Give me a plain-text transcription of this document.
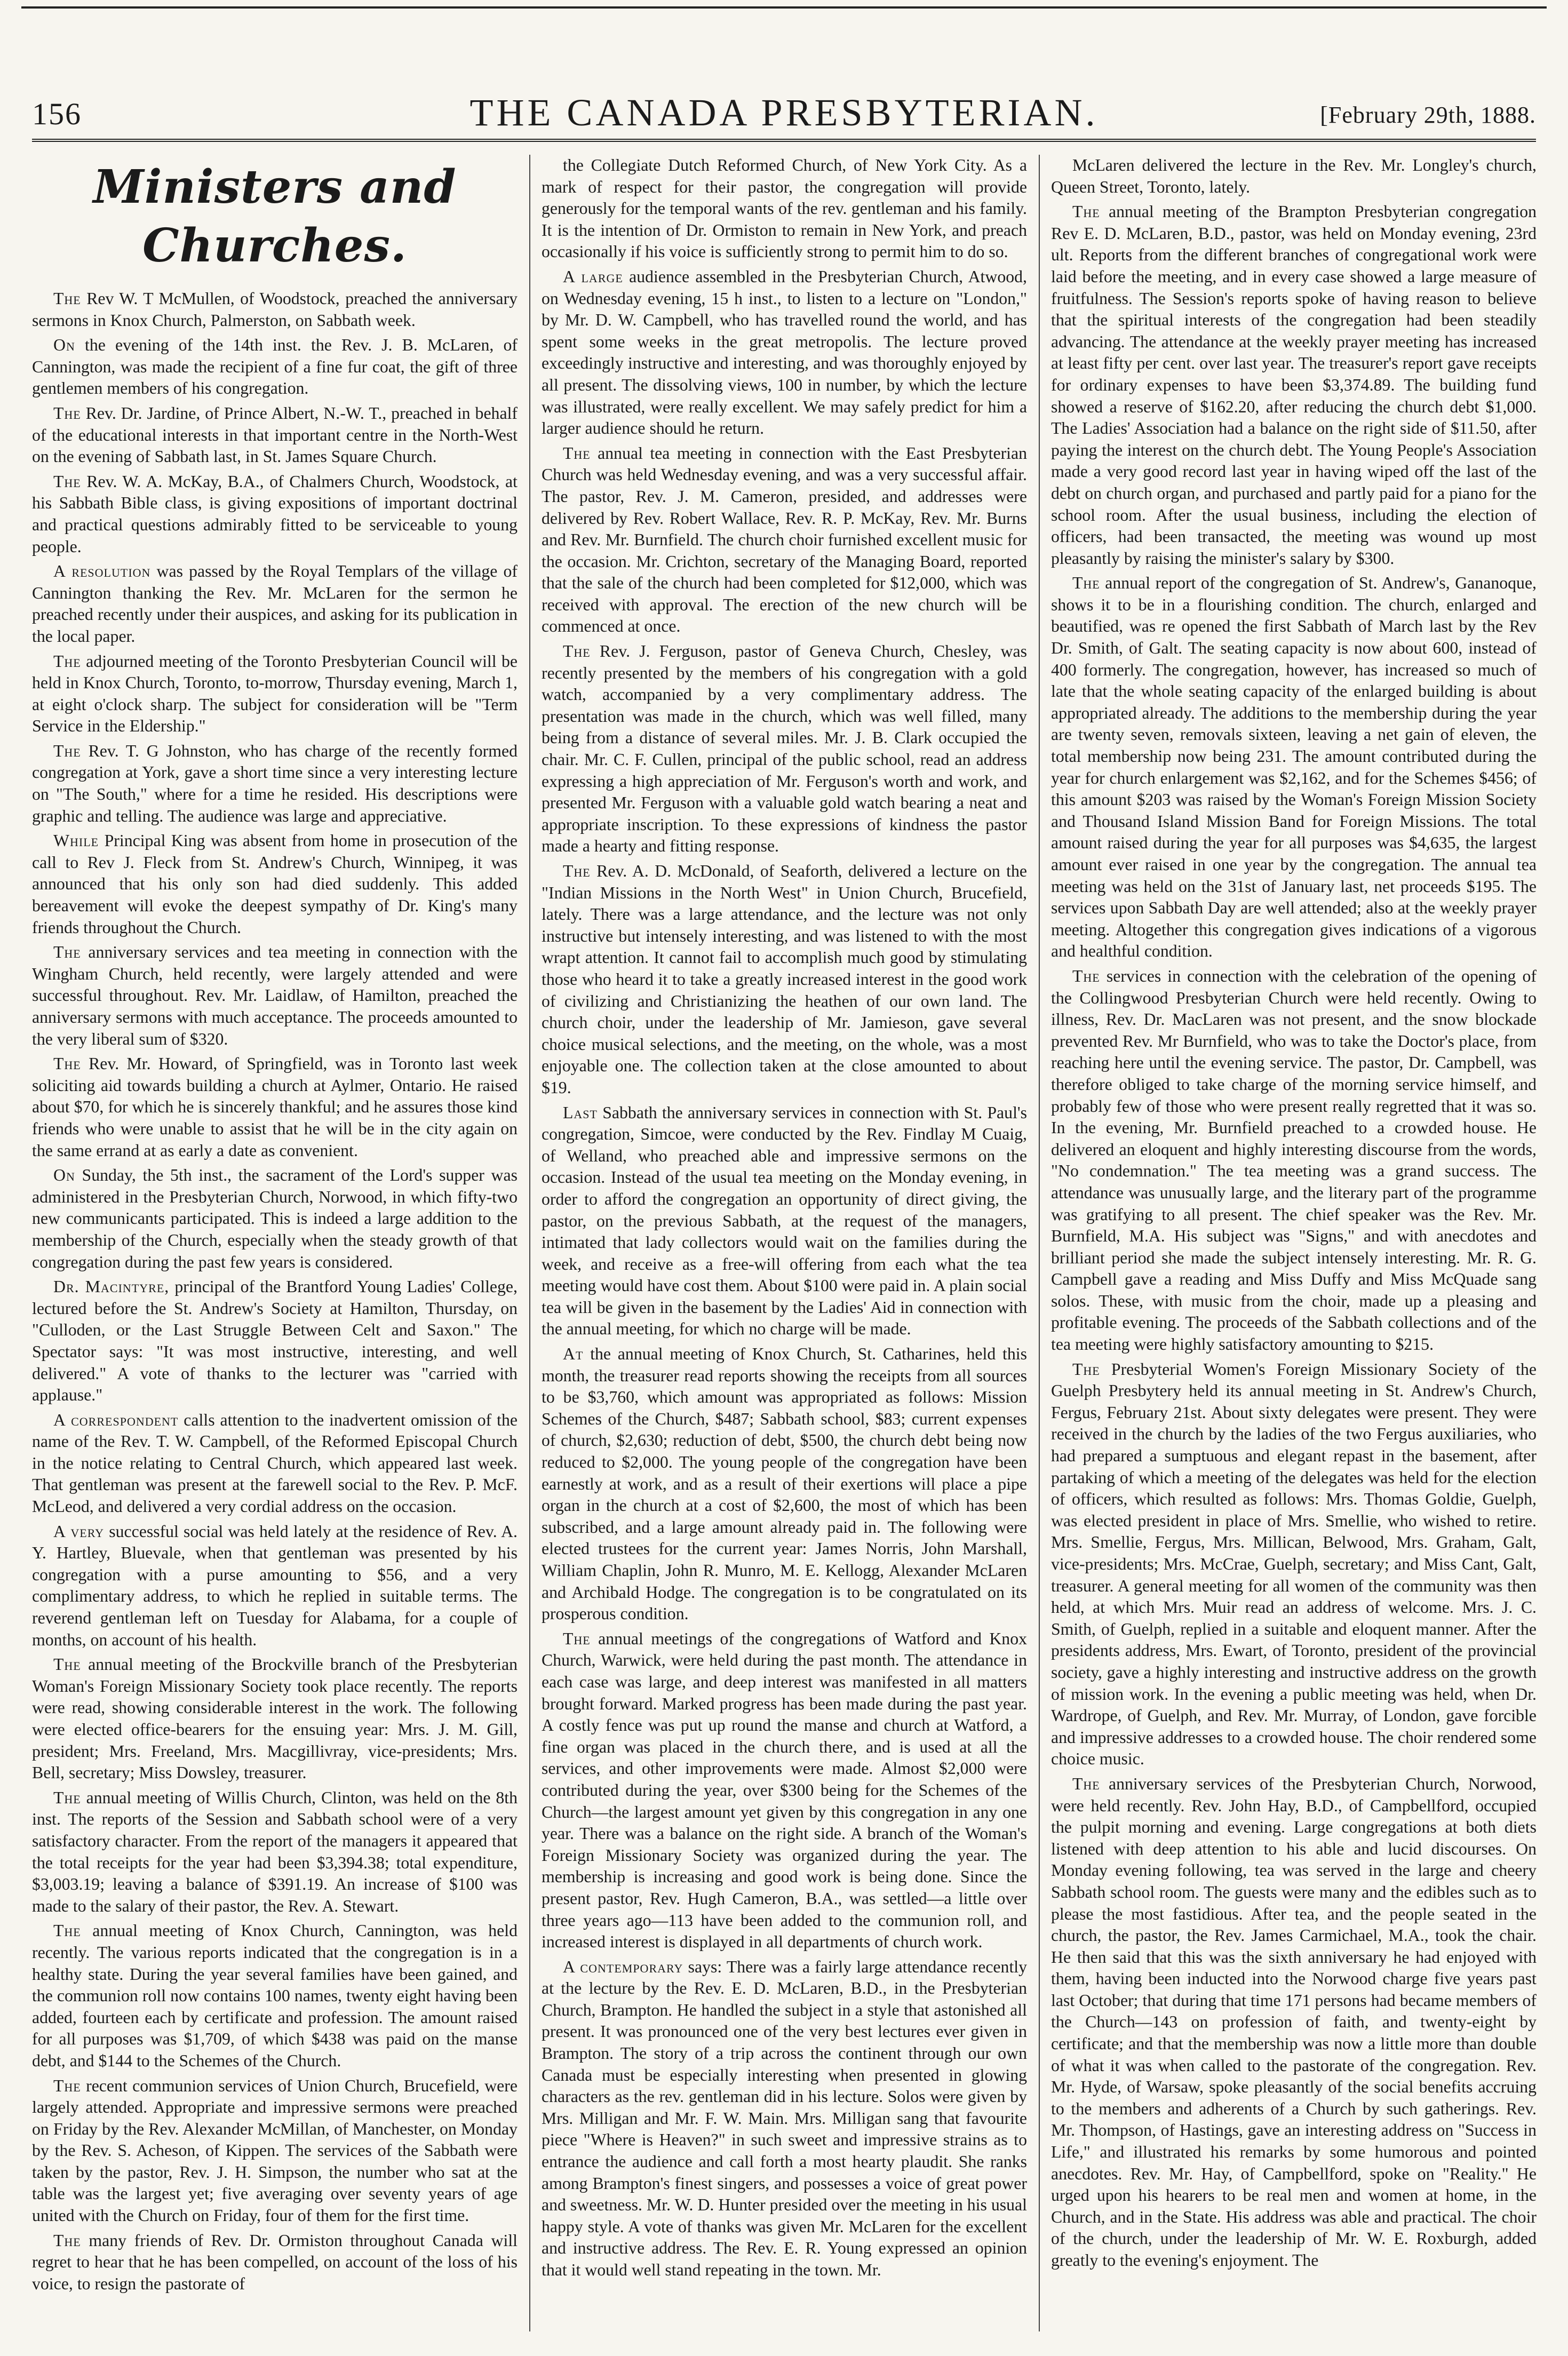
156	THE CANADA PRESBYTERIAN.	[February 29th, 1888.
Ministers and Churches.

The Rev W. T McMullen, of Woodstock, preached the anniversary sermons in Knox Church, Palmerston, on Sabbath week.

On the evening of the 14th inst. the Rev. J. B. McLaren, of Cannington, was made the recipient of a fine fur coat, the gift of three gentlemen members of his congregation.

The Rev. Dr. Jardine, of Prince Albert, N.-W. T., preached in behalf of the educational interests in that important centre in the North-West on the evening of Sabbath last, in St. James Square Church.

The Rev. W. A. McKay, B.A., of Chalmers Church, Woodstock, at his Sabbath Bible class, is giving expositions of important doctrinal and practical questions admirably fitted to be serviceable to young people.

A resolution was passed by the Royal Templars of the village of Cannington thanking the Rev. Mr. McLaren for the sermon he preached recently under their auspices, and asking for its publication in the local paper.

The adjourned meeting of the Toronto Presbyterian Council will be held in Knox Church, Toronto, to-morrow, Thursday evening, March 1, at eight o'clock sharp. The subject for consideration will be "Term Service in the Eldership."

The Rev. T. G Johnston, who has charge of the recently formed congregation at York, gave a short time since a very interesting lecture on "The South," where for a time he resided. His descriptions were graphic and telling. The audience was large and appreciative.

While Principal King was absent from home in prosecution of the call to Rev J. Fleck from St. Andrew's Church, Winnipeg, it was announced that his only son had died suddenly. This added bereavement will evoke the deepest sympathy of Dr. King's many friends throughout the Church.

The anniversary services and tea meeting in connection with the Wingham Church, held recently, were largely attended and were successful throughout. Rev. Mr. Laidlaw, of Hamilton, preached the anniversary sermons with much acceptance. The proceeds amounted to the very liberal sum of $320.

The Rev. Mr. Howard, of Springfield, was in Toronto last week soliciting aid towards building a church at Aylmer, Ontario. He raised about $70, for which he is sincerely thankful; and he assures those kind friends who were unable to assist that he will be in the city again on the same errand at as early a date as convenient.

On Sunday, the 5th inst., the sacrament of the Lord's supper was administered in the Presbyterian Church, Norwood, in which fifty-two new communicants participated. This is indeed a large addition to the membership of the Church, especially when the steady growth of that congregation during the past few years is considered.

Dr. Macintyre, principal of the Brantford Young Ladies' College, lectured before the St. Andrew's Society at Hamilton, Thursday, on "Culloden, or the Last Struggle Between Celt and Saxon." The Spectator says: "It was most instructive, interesting, and well delivered." A vote of thanks to the lecturer was "carried with applause."

A correspondent calls attention to the inadvertent omission of the name of the Rev. T. W. Campbell, of the Reformed Episcopal Church in the notice relating to Central Church, which appeared last week. That gentleman was present at the farewell social to the Rev. P. McF. McLeod, and delivered a very cordial address on the occasion.

A very successful social was held lately at the residence of Rev. A. Y. Hartley, Bluevale, when that gentleman was presented by his congregation with a purse amounting to $56, and a very complimentary address, to which he replied in suitable terms. The reverend gentleman left on Tuesday for Alabama, for a couple of months, on account of his health.

The annual meeting of the Brockville branch of the Presbyterian Woman's Foreign Missionary Society took place recently. The reports were read, showing considerable interest in the work. The following were elected office-bearers for the ensuing year: Mrs. J. M. Gill, president; Mrs. Freeland, Mrs. Macgillivray, vice-presidents; Mrs. Bell, secretary; Miss Dowsley, treasurer.

The annual meeting of Willis Church, Clinton, was held on the 8th inst. The reports of the Session and Sabbath school were of a very satisfactory character. From the report of the managers it appeared that the total receipts for the year had been $3,394.38; total expenditure, $3,003.19; leaving a balance of $391.19. An increase of $100 was made to the salary of their pastor, the Rev. A. Stewart.

The annual meeting of Knox Church, Cannington, was held recently. The various reports indicated that the congregation is in a healthy state. During the year several families have been gained, and the communion roll now contains 100 names, twenty eight having been added, fourteen each by certificate and profession. The amount raised for all purposes was $1,709, of which $438 was paid on the manse debt, and $144 to the Schemes of the Church.

The recent communion services of Union Church, Brucefield, were largely attended. Appropriate and impressive sermons were preached on Friday by the Rev. Alexander McMillan, of Manchester, on Monday by the Rev. S. Acheson, of Kippen. The services of the Sabbath were taken by the pastor, Rev. J. H. Simpson, the number who sat at the table was the largest yet; five averaging over seventy years of age united with the Church on Friday, four of them for the first time.

The many friends of Rev. Dr. Ormiston throughout Canada will regret to hear that he has been compelled, on account of the loss of his voice, to resign the pastorate of

the Collegiate Dutch Reformed Church, of New York City. As a mark of respect for their pastor, the congregation will provide generously for the temporal wants of the rev. gentleman and his family. It is the intention of Dr. Ormiston to remain in New York, and preach occasionally if his voice is sufficiently strong to permit him to do so.

A large audience assembled in the Presbyterian Church, Atwood, on Wednesday evening, 15 h inst., to listen to a lecture on "London," by Mr. D. W. Campbell, who has travelled round the world, and has spent some weeks in the great metropolis. The lecture proved exceedingly instructive and interesting, and was thoroughly enjoyed by all present. The dissolving views, 100 in number, by which the lecture was illustrated, were really excellent. We may safely predict for him a larger audience should he return.

The annual tea meeting in connection with the East Presbyterian Church was held Wednesday evening, and was a very successful affair. The pastor, Rev. J. M. Cameron, presided, and addresses were delivered by Rev. Robert Wallace, Rev. R. P. McKay, Rev. Mr. Burns and Rev. Mr. Burnfield. The church choir furnished excellent music for the occasion. Mr. Crichton, secretary of the Managing Board, reported that the sale of the church had been completed for $12,000, which was received with approval. The erection of the new church will be commenced at once.

The Rev. J. Ferguson, pastor of Geneva Church, Chesley, was recently presented by the members of his congregation with a gold watch, accompanied by a very complimentary address. The presentation was made in the church, which was well filled, many being from a distance of several miles. Mr. J. B. Clark occupied the chair. Mr. C. F. Cullen, principal of the public school, read an address expressing a high appreciation of Mr. Ferguson's worth and work, and presented Mr. Ferguson with a valuable gold watch bearing a neat and appropriate inscription. To these expressions of kindness the pastor made a hearty and fitting response.

The Rev. A. D. McDonald, of Seaforth, delivered a lecture on the "Indian Missions in the North West" in Union Church, Brucefield, lately. There was a large attendance, and the lecture was not only instructive but intensely interesting, and was listened to with the most wrapt attention. It cannot fail to accomplish much good by stimulating those who heard it to take a greatly increased interest in the good work of civilizing and Christianizing the heathen of our own land. The church choir, under the leadership of Mr. Jamieson, gave several choice musical selections, and the meeting, on the whole, was a most enjoyable one. The collection taken at the close amounted to about $19.

Last Sabbath the anniversary services in connection with St. Paul's congregation, Simcoe, were conducted by the Rev. Findlay M Cuaig, of Welland, who preached able and impressive sermons on the occasion. Instead of the usual tea meeting on the Monday evening, in order to afford the congregation an opportunity of direct giving, the pastor, on the previous Sabbath, at the request of the managers, intimated that lady collectors would wait on the families during the week, and receive as a free-will offering from each what the tea meeting would have cost them. About $100 were paid in. A plain social tea will be given in the basement by the Ladies' Aid in connection with the annual meeting, for which no charge will be made.

At the annual meeting of Knox Church, St. Catharines, held this month, the treasurer read reports showing the receipts from all sources to be $3,760, which amount was appropriated as follows: Mission Schemes of the Church, $487; Sabbath school, $83; current expenses of church, $2,630; reduction of debt, $500, the church debt being now reduced to $2,000. The young people of the congregation have been earnestly at work, and as a result of their exertions will place a pipe organ in the church at a cost of $2,600, the most of which has been subscribed, and a large amount already paid in. The following were elected trustees for the current year: James Norris, John Marshall, William Chaplin, John R. Munro, M. E. Kellogg, Alexander McLaren and Archibald Hodge. The congregation is to be congratulated on its prosperous condition.

The annual meetings of the congregations of Watford and Knox Church, Warwick, were held during the past month. The attendance in each case was large, and deep interest was manifested in all matters brought forward. Marked progress has been made during the past year. A costly fence was put up round the manse and church at Watford, a fine organ was placed in the church there, and is used at all the services, and other improvements were made. Almost $2,000 were contributed during the year, over $300 being for the Schemes of the Church—the largest amount yet given by this congregation in any one year. There was a balance on the right side. A branch of the Woman's Foreign Missionary Society was organized during the year. The membership is increasing and good work is being done. Since the present pastor, Rev. Hugh Cameron, B.A., was settled—a little over three years ago—113 have been added to the communion roll, and increased interest is displayed in all departments of church work.

A contemporary says: There was a fairly large attendance recently at the lecture by the Rev. E. D. McLaren, B.D., in the Presbyterian Church, Brampton. He handled the subject in a style that astonished all present. It was pronounced one of the very best lectures ever given in Brampton. The story of a trip across the continent through our own Canada must be especially interesting when presented in glowing characters as the rev. gentleman did in his lecture. Solos were given by Mrs. Milligan and Mr. F. W. Main. Mrs. Milligan sang that favourite piece "Where is Heaven?" in such sweet and impressive strains as to entrance the audience and call forth a most hearty plaudit. She ranks among Brampton's finest singers, and possesses a voice of great power and sweetness. Mr. W. D. Hunter presided over the meeting in his usual happy style. A vote of thanks was given Mr. McLaren for the excellent and instructive address. The Rev. E. R. Young expressed an opinion that it would well stand repeating in the town. Mr.

McLaren delivered the lecture in the Rev. Mr. Longley's church, Queen Street, Toronto, lately.

The annual meeting of the Brampton Presbyterian congregation Rev E. D. McLaren, B.D., pastor, was held on Monday evening, 23rd ult. Reports from the different branches of congregational work were laid before the meeting, and in every case showed a large measure of fruitfulness. The Session's reports spoke of having reason to believe that the spiritual interests of the congregation had been steadily advancing. The attendance at the weekly prayer meeting has increased at least fifty per cent. over last year. The treasurer's report gave receipts for ordinary expenses to have been $3,374.89. The building fund showed a reserve of $162.20, after reducing the church debt $1,000. The Ladies' Association had a balance on the right side of $11.50, after paying the interest on the church debt. The Young People's Association made a very good record last year in having wiped off the last of the debt on church organ, and purchased and partly paid for a piano for the school room. After the usual business, including the election of officers, had been transacted, the meeting was wound up most pleasantly by raising the minister's salary by $300.

The annual report of the congregation of St. Andrew's, Gananoque, shows it to be in a flourishing condition. The church, enlarged and beautified, was re opened the first Sabbath of March last by the Rev Dr. Smith, of Galt. The seating capacity is now about 600, instead of 400 formerly. The congregation, however, has increased so much of late that the whole seating capacity of the enlarged building is about appropriated already. The additions to the membership during the year are twenty seven, removals sixteen, leaving a net gain of eleven, the total membership now being 231. The amount contributed during the year for church enlargement was $2,162, and for the Schemes $456; of this amount $203 was raised by the Woman's Foreign Mission Society and Thousand Island Mission Band for Foreign Missions. The total amount raised during the year for all purposes was $4,635, the largest amount ever raised in one year by the congregation. The annual tea meeting was held on the 31st of January last, net proceeds $195. The services upon Sabbath Day are well attended; also at the weekly prayer meeting. Altogether this congregation gives indications of a vigorous and healthful condition.

The services in connection with the celebration of the opening of the Collingwood Presbyterian Church were held recently. Owing to illness, Rev. Dr. MacLaren was not present, and the snow blockade prevented Rev. Mr Burnfield, who was to take the Doctor's place, from reaching here until the evening service. The pastor, Dr. Campbell, was therefore obliged to take charge of the morning service himself, and probably few of those who were present really regretted that it was so. In the evening, Mr. Burnfield preached to a crowded house. He delivered an eloquent and highly interesting discourse from the words, "No condemnation." The tea meeting was a grand success. The attendance was unusually large, and the literary part of the programme was gratifying to all present. The chief speaker was the Rev. Mr. Burnfield, M.A. His subject was "Signs," and with anecdotes and brilliant period she made the subject intensely interesting. Mr. R. G. Campbell gave a reading and Miss Duffy and Miss McQuade sang solos. These, with music from the choir, made up a pleasing and profitable evening. The proceeds of the Sabbath collections and of the tea meeting were highly satisfactory amounting to $215.

The Presbyterial Women's Foreign Missionary Society of the Guelph Presbytery held its annual meeting in St. Andrew's Church, Fergus, February 21st. About sixty delegates were present. They were received in the church by the ladies of the two Fergus auxiliaries, who had prepared a sumptuous and elegant repast in the basement, after partaking of which a meeting of the delegates was held for the election of officers, which resulted as follows: Mrs. Thomas Goldie, Guelph, was elected president in place of Mrs. Smellie, who wished to retire. Mrs. Smellie, Fergus, Mrs. Millican, Belwood, Mrs. Graham, Galt, vice-presidents; Mrs. McCrae, Guelph, secretary; and Miss Cant, Galt, treasurer. A general meeting for all women of the community was then held, at which Mrs. Muir read an address of welcome. Mrs. J. C. Smith, of Guelph, replied in a suitable and eloquent manner. After the presidents address, Mrs. Ewart, of Toronto, president of the provincial society, gave a highly interesting and instructive address on the growth of mission work. In the evening a public meeting was held, when Dr. Wardrope, of Guelph, and Rev. Mr. Murray, of London, gave forcible and impressive addresses to a crowded house. The choir rendered some choice music.

The anniversary services of the Presbyterian Church, Norwood, were held recently. Rev. John Hay, B.D., of Campbellford, occupied the pulpit morning and evening. Large congregations at both diets listened with deep attention to his able and lucid discourses. On Monday evening following, tea was served in the large and cheery Sabbath school room. The guests were many and the edibles such as to please the most fastidious. After tea, and the people seated in the church, the pastor, the Rev. James Carmichael, M.A., took the chair. He then said that this was the sixth anniversary he had enjoyed with them, having been inducted into the Norwood charge five years past last October; that during that time 171 persons had became members of the Church—143 on profession of faith, and twenty-eight by certificate; and that the membership was now a little more than double of what it was when called to the pastorate of the congregation. Rev. Mr. Hyde, of Warsaw, spoke pleasantly of the social benefits accruing to the members and adherents of a Church by such gatherings. Rev. Mr. Thompson, of Hastings, gave an interesting address on "Success in Life," and illustrated his remarks by some humorous and pointed anecdotes. Rev. Mr. Hay, of Campbellford, spoke on "Reality." He urged upon his hearers to be real men and women at home, in the Church, and in the State. His address was able and practical. The choir of the church, under the leadership of Mr. W. E. Roxburgh, added greatly to the evening's enjoyment. The
